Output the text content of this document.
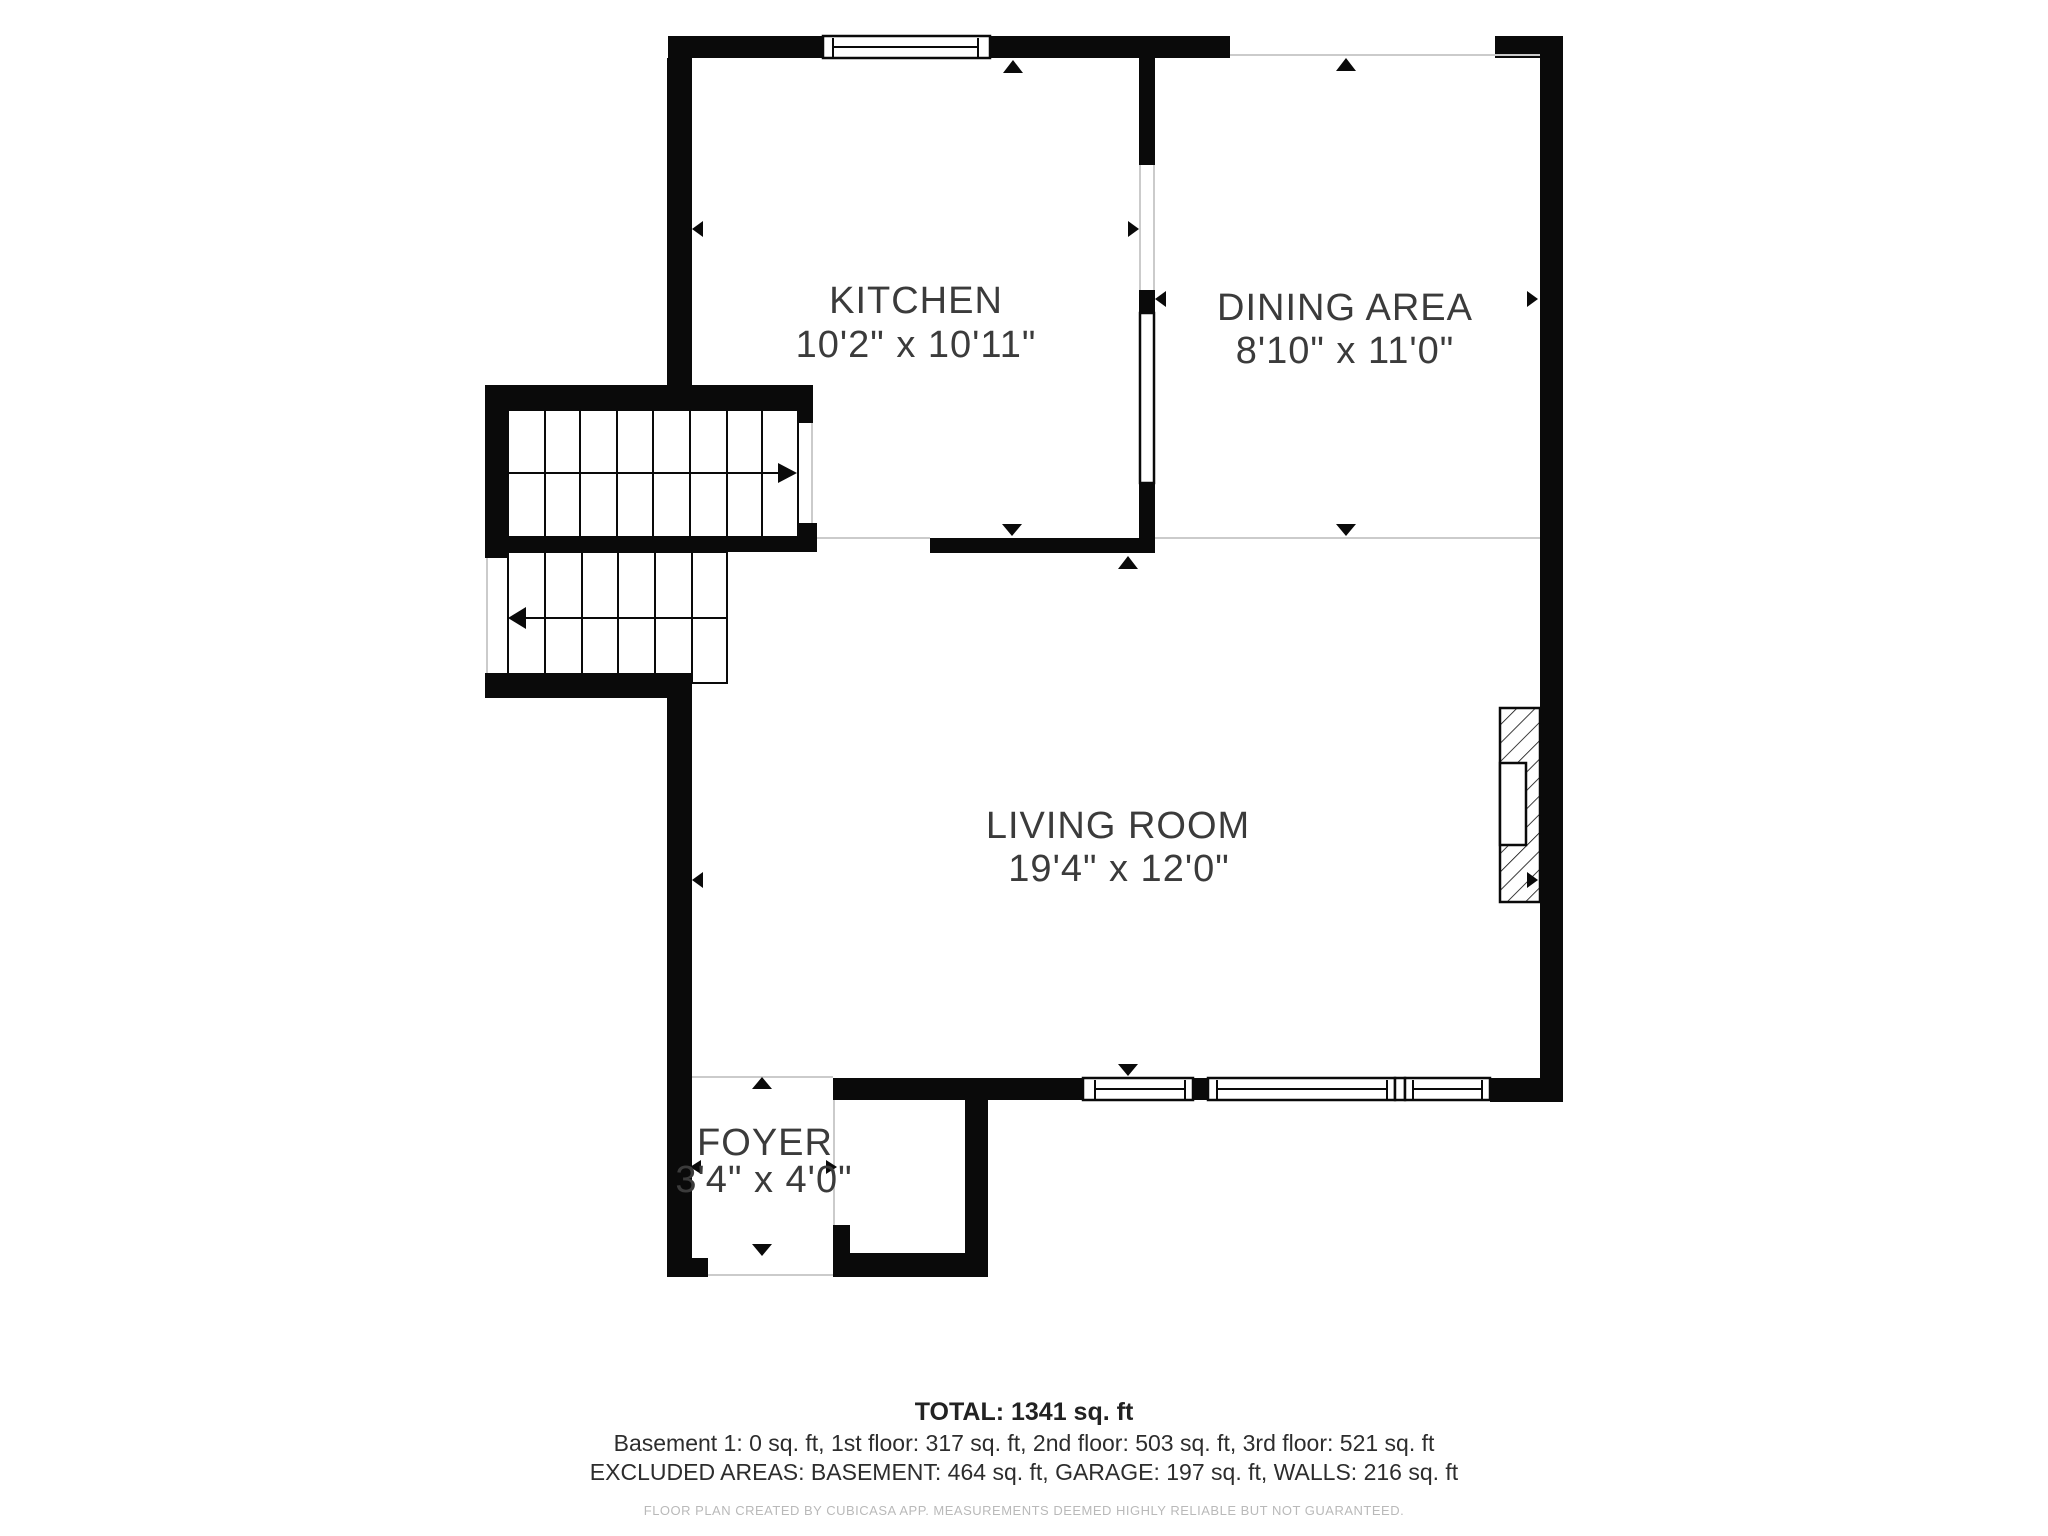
KITCHEN
10'2" x 10'11"
DINING AREA
8'10" x 11'0"
LIVING ROOM
19'4" x 12'0"
FOYER
3'4" x 4'0"
TOTAL: 1341 sq. ft
Basement 1: 0 sq. ft, 1st floor: 317 sq. ft, 2nd floor: 503 sq. ft, 3rd floor: 521 sq. ft
EXCLUDED AREAS: BASEMENT: 464 sq. ft, GARAGE: 197 sq. ft, WALLS: 216 sq. ft
FLOOR PLAN CREATED BY CUBICASA APP. MEASUREMENTS DEEMED HIGHLY RELIABLE BUT NOT GUARANTEED.
